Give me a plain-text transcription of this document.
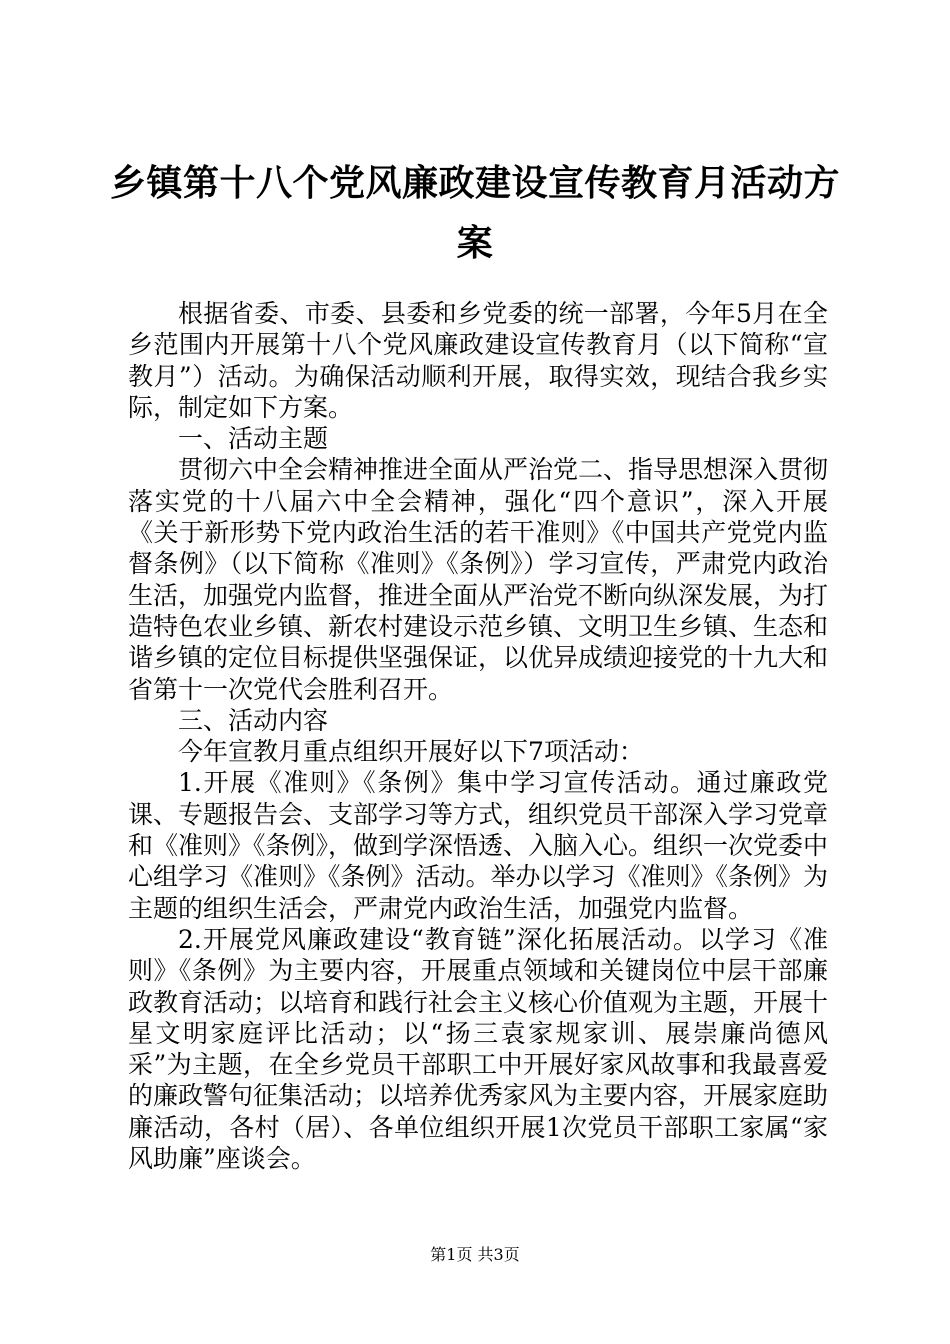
乡镇第十八个党风廉政建设宣传教育月活动方案

根据省委、市委、县委和乡党委的统一部署，今年5月在全乡范围内开展第十八个党风廉政建设宣传教育月（以下简称“宣教月”）活动。为确保活动顺利开展，取得实效，现结合我乡实际，制定如下方案。

一、活动主题

贯彻六中全会精神推进全面从严治党二、指导思想深入贯彻落实党的十八届六中全会精神，强化“四个意识”，深入开展《关于新形势下党内政治生活的若干准则》《中国共产党党内监督条例》（以下简称《准则》《条例》）学习宣传，严肃党内政治生活，加强党内监督，推进全面从严治党不断向纵深发展，为打造特色农业乡镇、新农村建设示范乡镇、文明卫生乡镇、生态和谐乡镇的定位目标提供坚强保证，以优异成绩迎接党的十九大和省第十一次党代会胜利召开。

三、活动内容

今年宣教月重点组织开展好以下7项活动：

1.开展《准则》《条例》集中学习宣传活动。通过廉政党课、专题报告会、支部学习等方式，组织党员干部深入学习党章和《准则》《条例》，做到学深悟透、入脑入心。组织一次党委中心组学习《准则》《条例》活动。举办以学习《准则》《条例》为主题的组织生活会，严肃党内政治生活，加强党内监督。

2.开展党风廉政建设“教育链”深化拓展活动。以学习《准则》《条例》为主要内容，开展重点领域和关键岗位中层干部廉政教育活动；以培育和践行社会主义核心价值观为主题，开展十星文明家庭评比活动；以“扬三袁家规家训、展崇廉尚德风采”为主题，在全乡党员干部职工中开展好家风故事和我最喜爱的廉政警句征集活动；以培养优秀家风为主要内容，开展家庭助廉活动，各村（居）、各单位组织开展1次党员干部职工家属“家风助廉”座谈会。

第1页 共3页
